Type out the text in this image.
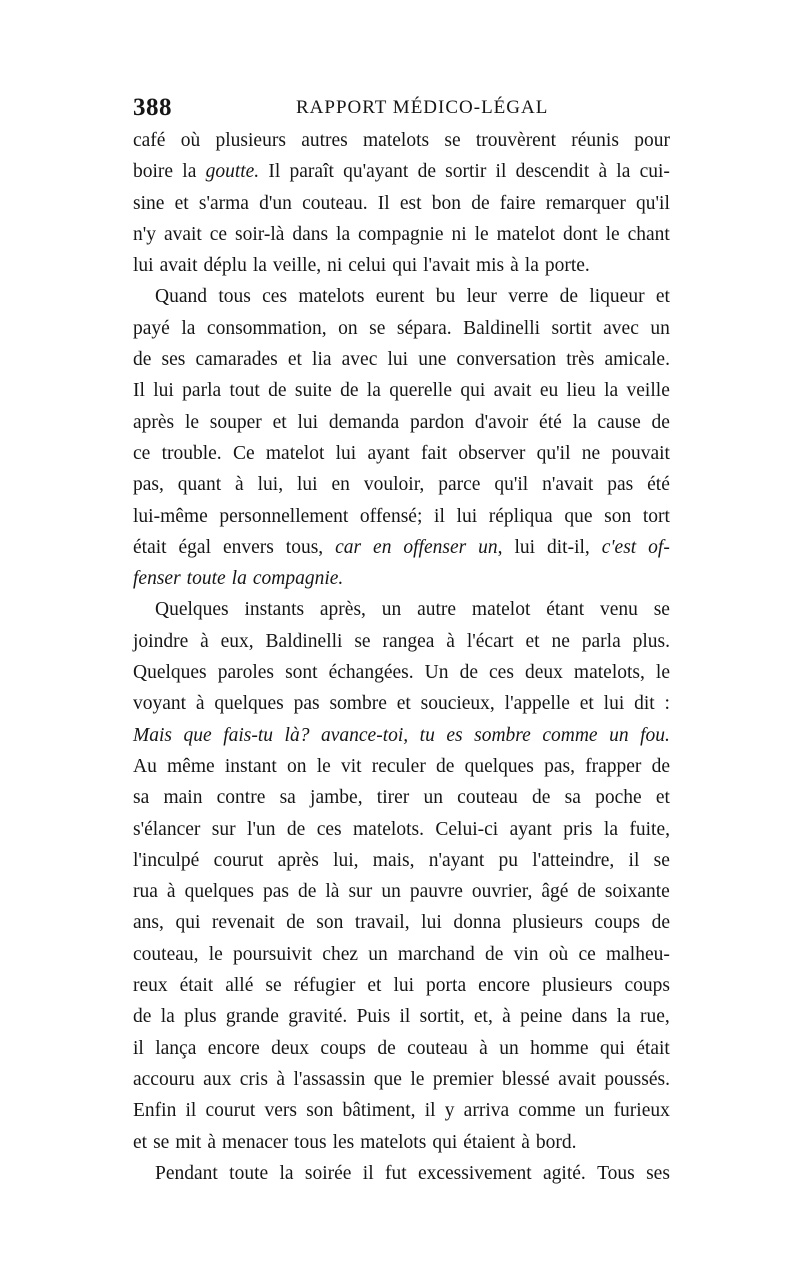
388	RAPPORT MÉDICO-LÉGAL
café où plusieurs autres matelots se trouvèrent réunis pour
boire la goutte. Il paraît qu'ayant de sortir il descendit à la cui-
sine et s'arma d'un couteau. Il est bon de faire remarquer qu'il
n'y avait ce soir-là dans la compagnie ni le matelot dont le chant
lui avait déplu la veille, ni celui qui l'avait mis à la porte.
Quand tous ces matelots eurent bu leur verre de liqueur et
payé la consommation, on se sépara. Baldinelli sortit avec un
de ses camarades et lia avec lui une conversation très amicale.
Il lui parla tout de suite de la querelle qui avait eu lieu la veille
après le souper et lui demanda pardon d'avoir été la cause de
ce trouble. Ce matelot lui ayant fait observer qu'il ne pouvait
pas, quant à lui, lui en vouloir, parce qu'il n'avait pas été
lui-même personnellement offensé; il lui répliqua que son tort
était égal envers tous, car en offenser un, lui dit-il, c'est of-
fenser toute la compagnie.
Quelques instants après, un autre matelot étant venu se
joindre à eux, Baldinelli se rangea à l'écart et ne parla plus.
Quelques paroles sont échangées. Un de ces deux matelots, le
voyant à quelques pas sombre et soucieux, l'appelle et lui dit :
Mais que fais-tu là? avance-toi, tu es sombre comme un fou.
Au même instant on le vit reculer de quelques pas, frapper de
sa main contre sa jambe, tirer un couteau de sa poche et
s'élancer sur l'un de ces matelots. Celui-ci ayant pris la fuite,
l'inculpé courut après lui, mais, n'ayant pu l'atteindre, il se
rua à quelques pas de là sur un pauvre ouvrier, âgé de soixante
ans, qui revenait de son travail, lui donna plusieurs coups de
couteau, le poursuivit chez un marchand de vin où ce malheu-
reux était allé se réfugier et lui porta encore plusieurs coups
de la plus grande gravité. Puis il sortit, et, à peine dans la rue,
il lança encore deux coups de couteau à un homme qui était
accouru aux cris à l'assassin que le premier blessé avait poussés.
Enfin il courut vers son bâtiment, il y arriva comme un furieux
et se mit à menacer tous les matelots qui étaient à bord.
Pendant toute la soirée il fut excessivement agité. Tous ses
